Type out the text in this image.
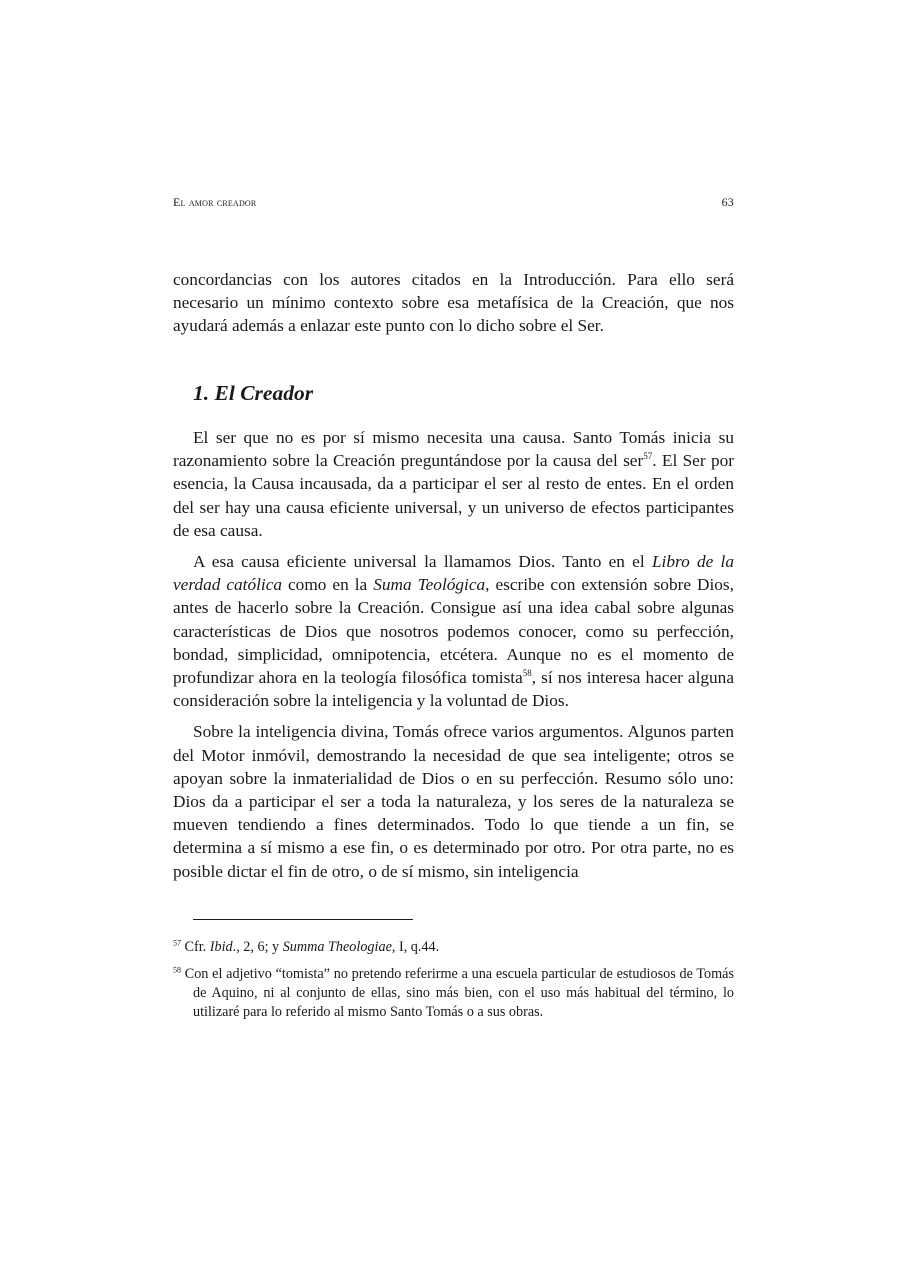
El amor creador	63

concordancias con los autores citados en la Introducción. Para ello será necesario un mínimo contexto sobre esa metafísica de la Creación, que nos ayudará además a enlazar este punto con lo dicho sobre el Ser.

1. El Creador

El ser que no es por sí mismo necesita una causa. Santo Tomás inicia su razonamiento sobre la Creación preguntándose por la causa del ser$^{57}$. El Ser por esencia, la Causa incausada, da a participar el ser al resto de entes. En el orden del ser hay una causa eficiente universal, y un universo de efectos participantes de esa causa.

A esa causa eficiente universal la llamamos Dios. Tanto en el Libro de la verdad católica como en la Suma Teológica, escribe con extensión sobre Dios, antes de hacerlo sobre la Creación. Consigue así una idea cabal sobre algunas características de Dios que nosotros podemos conocer, como su perfección, bondad, simplicidad, omnipotencia, etcétera. Aunque no es el momento de profundizar ahora en la teología filosófica tomista$^{58}$, sí nos interesa hacer alguna consideración sobre la inteligencia y la voluntad de Dios.

Sobre la inteligencia divina, Tomás ofrece varios argumentos. Algunos parten del Motor inmóvil, demostrando la necesidad de que sea inteligente; otros se apoyan sobre la inmaterialidad de Dios o en su perfección. Resumo sólo uno: Dios da a participar el ser a toda la naturaleza, y los seres de la naturaleza se mueven tendiendo a fines determinados. Todo lo que tiende a un fin, se determina a sí mismo a ese fin, o es determinado por otro. Por otra parte, no es posible dictar el fin de otro, o de sí mismo, sin inteligencia

$^{57}$ Cfr. Ibid., 2, 6; y Summa Theologiae, I, q.44.

$^{58}$ Con el adjetivo “tomista” no pretendo referirme a una escuela particular de estudiosos de Tomás de Aquino, ni al conjunto de ellas, sino más bien, con el uso más habitual del término, lo utilizaré para lo referido al mismo Santo Tomás o a sus obras.
